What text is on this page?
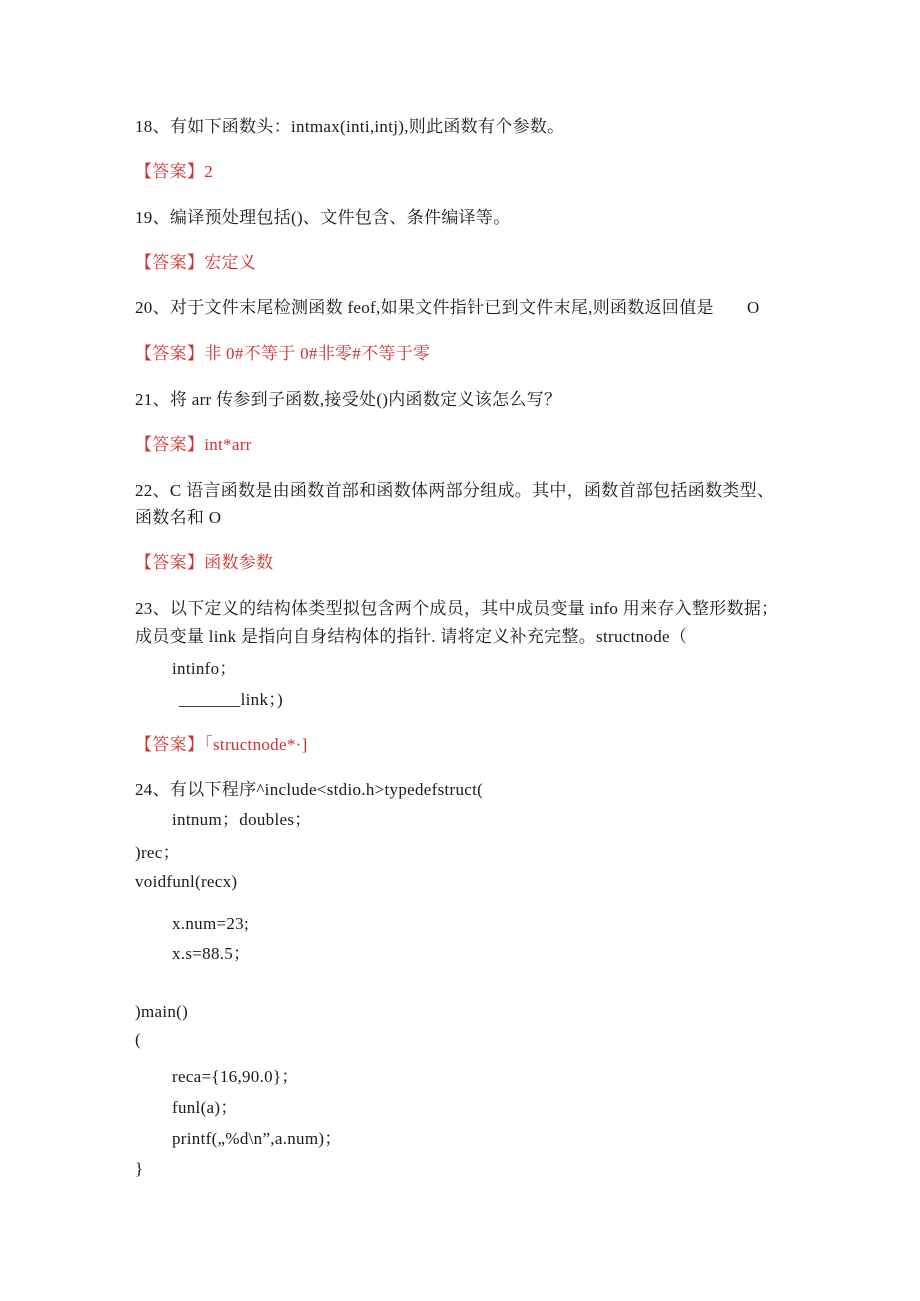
18、有如下函数头：intmax(inti,intj),则此函数有个参数。
【答案】2
19、编译预处理包括()、文件包含、条件编译等。
【答案】宏定义
20、对于文件末尾检测函数 feof,如果文件指针已到文件末尾,则函数返回值是 O
【答案】非 0#不等于 0#非零#不等于零
21、将 arr 传参到子函数,接受处()内函数定义该怎么写？
【答案】int*arr
22、C 语言函数是由函数首部和函数体两部分组成。其中，函数首部包括函数类型、
函数名和 O
【答案】函数参数
23、以下定义的结构体类型拟包含两个成员，其中成员变量 info 用来存入整形数据；
成员变量 link 是指向自身结构体的指针. 请将定义补充完整。structnode（
intinfo；
_______link；)
【答案】「structnode*·]
24、有以下程序^include<stdio.h>typedefstruct(
intnum；doubles；
)rec；
voidfunl(recx)
x.num=23;
x.s=88.5；
)main()
(
reca={16,90.0}；
funl(a)；
printf(„%d\n”,a.num)；
}
